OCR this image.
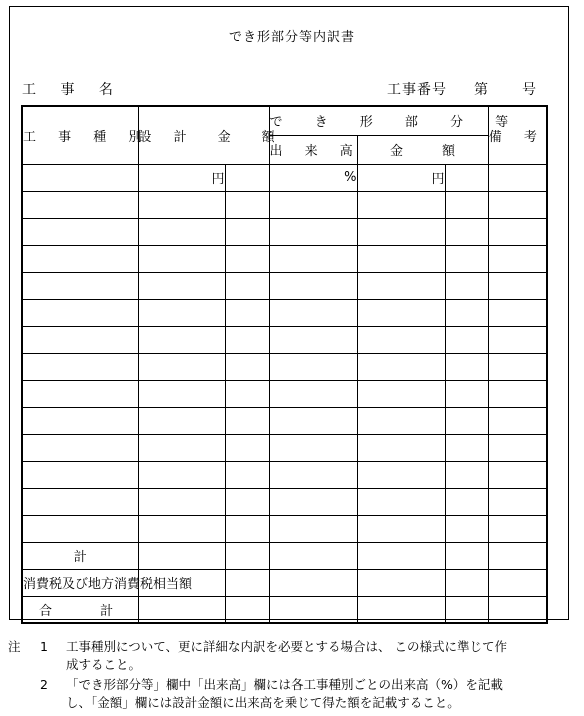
でき形部分等内訳書
工 事 名	工事番号 第 号
工 事 種 別	設 計　金　額		で き 形 部 分 等			備 考
			出 来 高	金　　　額		
	円		%	円		

計						
消費税及び地方消費税相当額						
合 計						
注 1 工事種別について、更に詳細な内訳を必要とする場合は、 この様式に準じて作
成すること。
2 「でき形部分等」欄中「出来高」欄には各工事種別ごとの出来高（%）を記載
し、「金額」欄には設計金額に出来高を乗じて得た額を記載すること。
